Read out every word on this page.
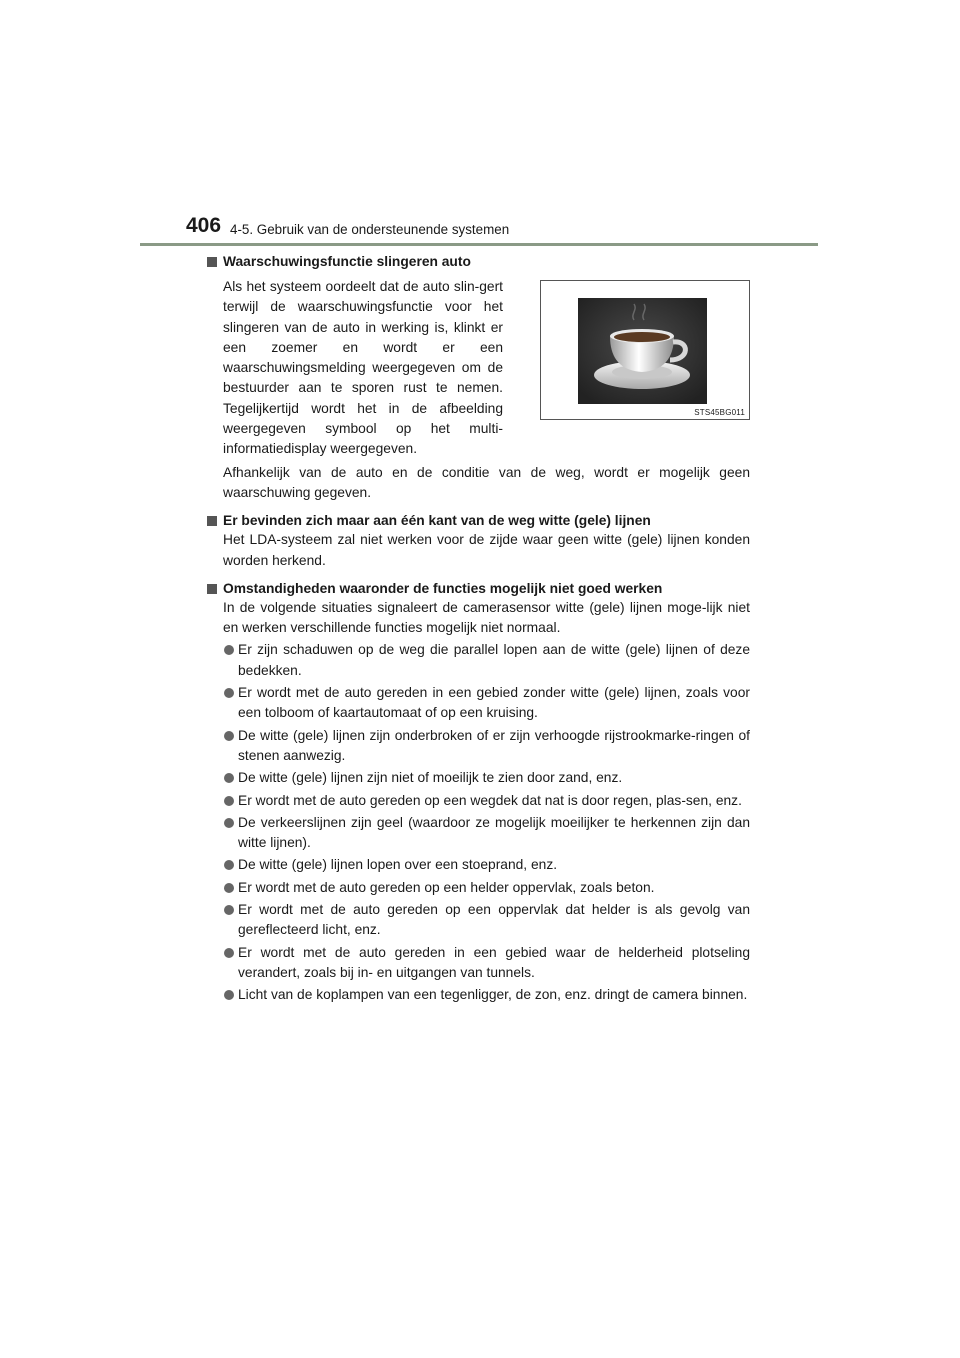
406 4-5. Gebruik van de ondersteunende systemen
Waarschuwingsfunctie slingeren auto
Als het systeem oordeelt dat de auto slin-gert terwijl de waarschuwingsfunctie voor het slingeren van de auto in werking is, klinkt er een zoemer en wordt er een waarschuwingsmelding weergegeven om de bestuurder aan te sporen rust te nemen. Tegelijkertijd wordt het in de afbeelding weergegeven symbool op het multi-informatiedisplay weergegeven.
STS45BG011
Afhankelijk van de auto en de conditie van de weg, wordt er mogelijk geen waarschuwing gegeven.
Er bevinden zich maar aan één kant van de weg witte (gele) lijnen
Het LDA-systeem zal niet werken voor de zijde waar geen witte (gele) lijnen konden worden herkend.
Omstandigheden waaronder de functies mogelijk niet goed werken
In de volgende situaties signaleert de camerasensor witte (gele) lijnen moge-lijk niet en werken verschillende functies mogelijk niet normaal.
Er zijn schaduwen op de weg die parallel lopen aan de witte (gele) lijnen of deze bedekken.
Er wordt met de auto gereden in een gebied zonder witte (gele) lijnen, zoals voor een tolboom of kaartautomaat of op een kruising.
De witte (gele) lijnen zijn onderbroken of er zijn verhoogde rijstrookmarke-ringen of stenen aanwezig.
De witte (gele) lijnen zijn niet of moeilijk te zien door zand, enz.
Er wordt met de auto gereden op een wegdek dat nat is door regen, plas-sen, enz.
De verkeerslijnen zijn geel (waardoor ze mogelijk moeilijker te herkennen zijn dan witte lijnen).
De witte (gele) lijnen lopen over een stoeprand, enz.
Er wordt met de auto gereden op een helder oppervlak, zoals beton.
Er wordt met de auto gereden op een oppervlak dat helder is als gevolg van gereflecteerd licht, enz.
Er wordt met de auto gereden in een gebied waar de helderheid plotseling verandert, zoals bij in- en uitgangen van tunnels.
Licht van de koplampen van een tegenligger, de zon, enz. dringt de camera binnen.
